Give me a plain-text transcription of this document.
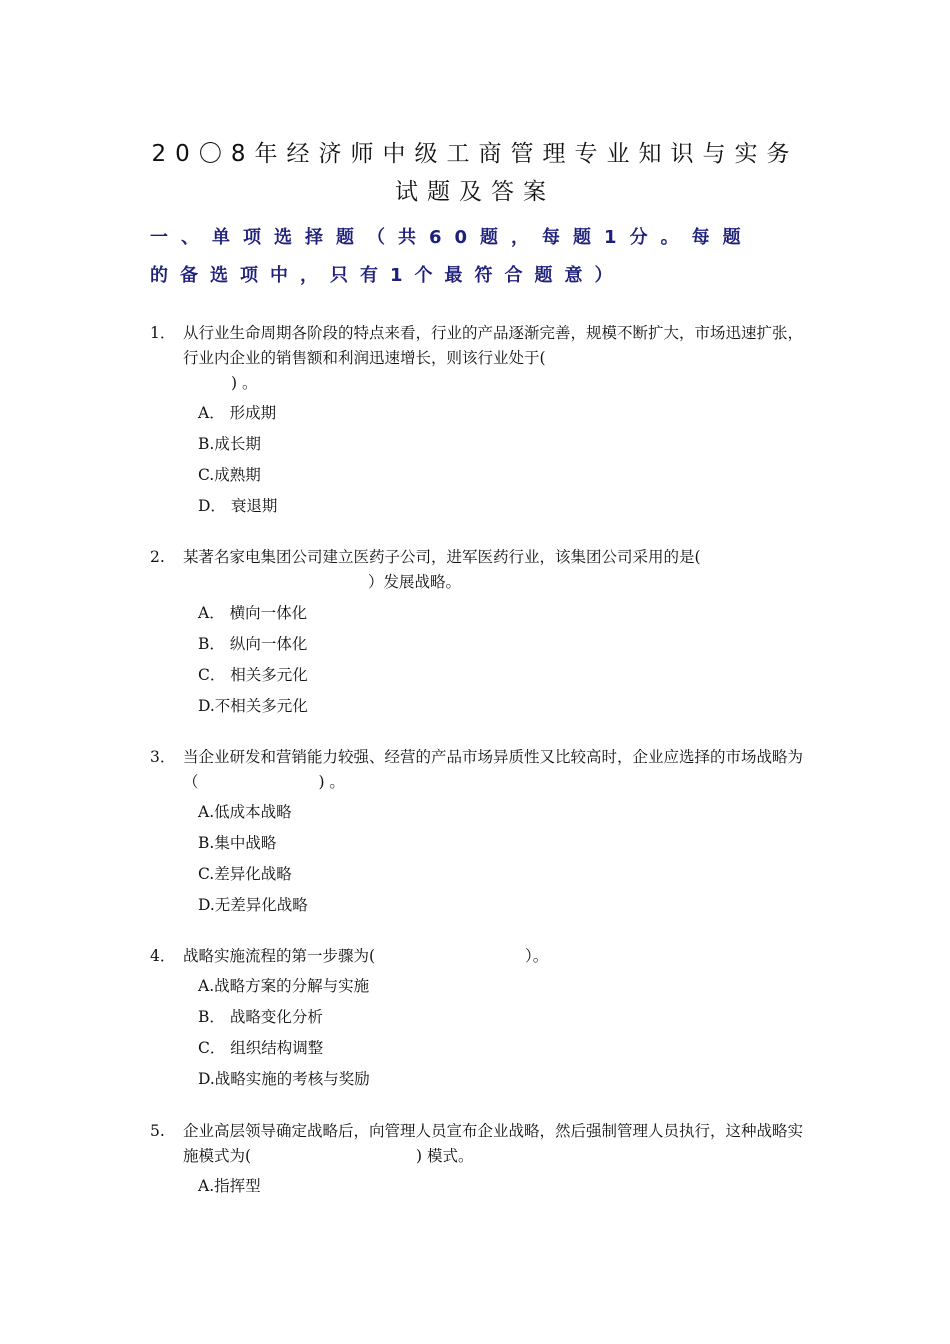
20〇8年经济师中级工商管理专业知识与实务
试题及答案
一、单项选择题（共60题，每题1分。每题
的备选项中，只有1个最符合题意）
1． 从行业生命周期各阶段的特点来看，行业的产品逐渐完善，规模不断扩大，市场迅速扩张，行业内企业的销售额和利润迅速增长，则该行业处于(
) 。
A． 形成期
B.成长期
C.成熟期
D． 衰退期
2. 某著名家电集团公司建立医药子公司，进军医药行业，该集团公司采用的是(
）发展战略。
A． 横向一体化
B． 纵向一体化
C． 相关多元化
D.不相关多元化
3． 当企业研发和营销能力较强、经营的产品市场异质性又比较高时，企业应选择的市场战略为（	) 。
A.低成本战略
B.集中战略
C.差异化战略
D.无差异化战略
4． 战略实施流程的第一步骤为(	）。
A.战略方案的分解与实施
B． 战略变化分析
C． 组织结构调整
D.战略实施的考核与奖励
5. 企业高层领导确定战略后，向管理人员宣布企业战略，然后强制管理人员执行，这种战略实施模式为(	) 模式。
A.指挥型
